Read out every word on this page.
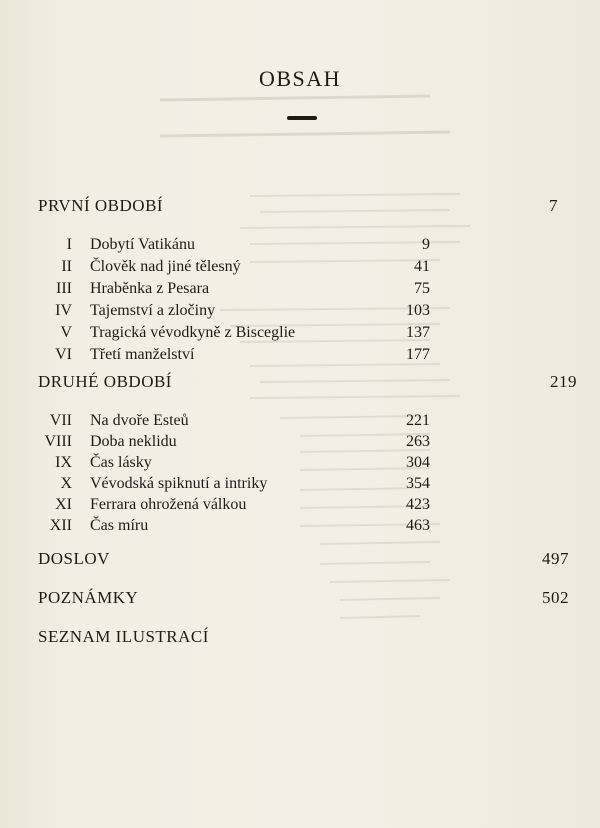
OBSAH
PRVNÍ OBDOBÍ	7
I Dobytí Vatikánu	9
II Člověk nad jiné tělesný	41
III Hraběnka z Pesara	75
IV Tajemství a zločiny	103
V Tragická vévodkyně z Bisceglie	137
VI Třetí manželství	177
DRUHÉ OBDOBÍ	219
VII Na dvoře Esteů	221
VIII Doba neklidu	263
IX Čas lásky	304
X Vévodská spiknutí a intriky	354
XI Ferrara ohrožená válkou	423
XII Čas míru	463
DOSLOV	497
POZNÁMKY	502
SEZNAM ILUSTRACÍ
